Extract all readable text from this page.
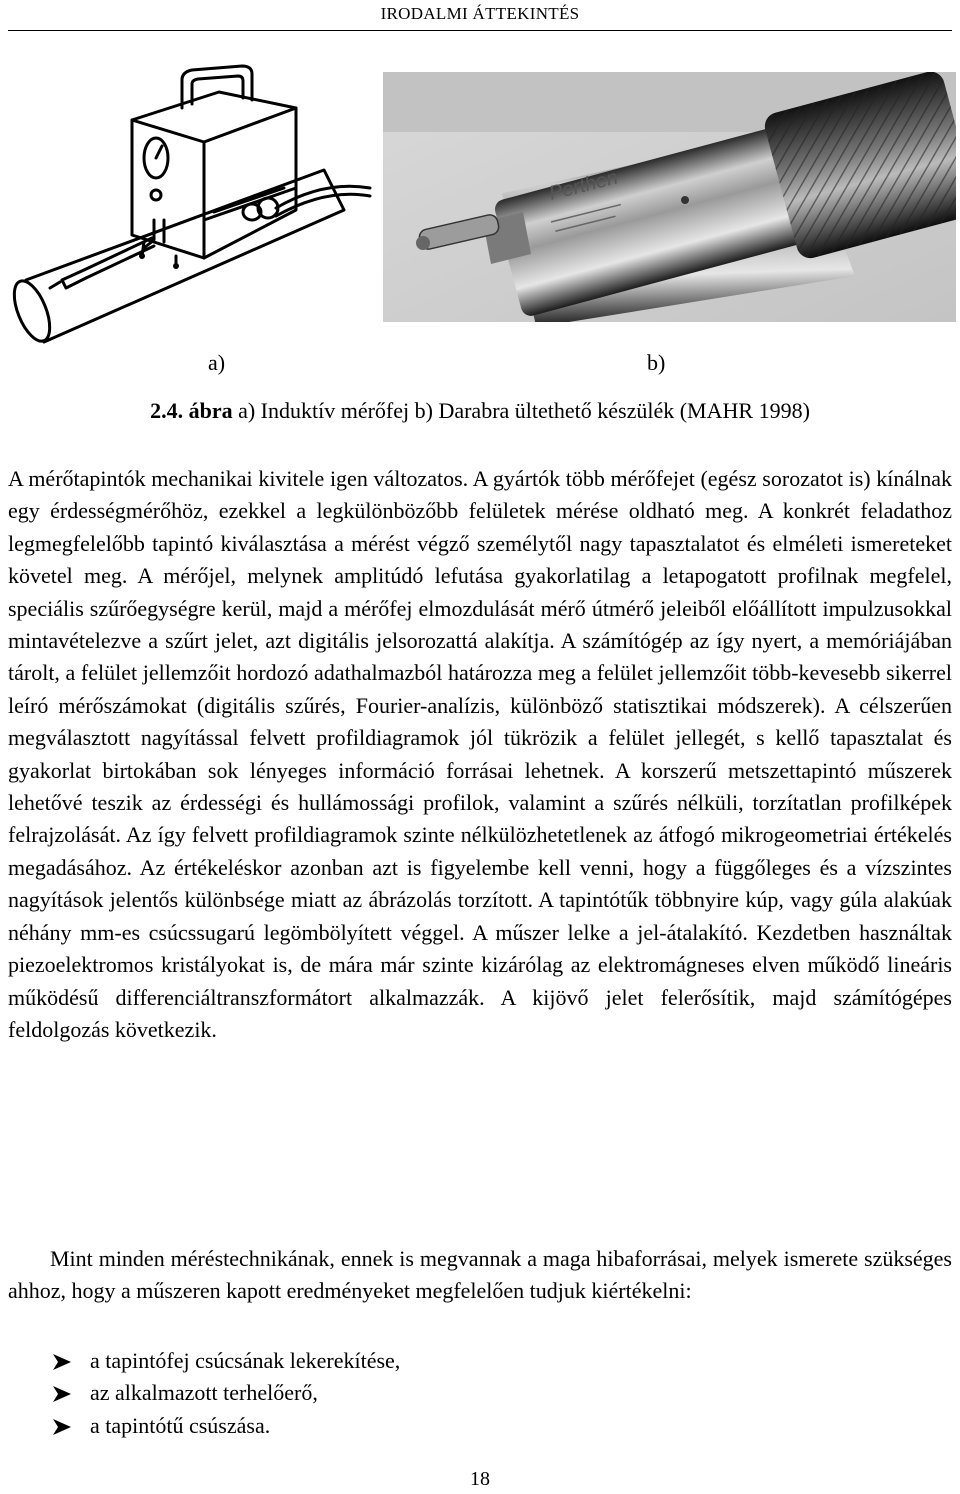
IRODALMI ÁTTEKINTÉS
Perthen
a)	b)
2.4. ábra a) Induktív mérőfej b) Darabra ültethető készülék (MAHR 1998)

A mérőtapintók mechanikai kivitele igen változatos. A gyártók több mérőfejet (egész sorozatot is) kínálnak egy érdességmérőhöz, ezekkel a legkülönbözőbb felületek mérése oldható meg. A konkrét feladathoz legmegfelelőbb tapintó kiválasztása a mérést végző személytől nagy tapasztalatot és elméleti ismereteket követel meg. A mérőjel, melynek amplitúdó lefutása gyakorlatilag a letapogatott profilnak megfelel, speciális szűrőegységre kerül, majd a mérőfej elmozdulását mérő útmérő jeleiből előállított impulzusokkal mintavételezve a szűrt jelet, azt digitális jelsorozattá alakítja. A számítógép az így nyert, a memóriájában tárolt, a felület jellemzőit hordozó adathalmazból határozza meg a felület jellemzőit több-kevesebb sikerrel leíró mérőszámokat (digitális szűrés, Fourier-analízis, különböző statisztikai módszerek). A célszerűen megválasztott nagyítással felvett profildiagramok jól tükrözik a felület jellegét, s kellő tapasztalat és gyakorlat birtokában sok lényeges információ forrásai lehetnek. A korszerű metszettapintó műszerek lehetővé teszik az érdességi és hullámossági profilok, valamint a szűrés nélküli, torzítatlan profilképek felrajzolását. Az így felvett profildiagramok szinte nélkülözhetetlenek az átfogó mikrogeometriai értékelés megadásához. Az értékeléskor azonban azt is figyelembe kell venni, hogy a függőleges és a vízszintes nagyítások jelentős különbsége miatt az ábrázolás torzított. A tapintótűk többnyire kúp, vagy gúla alakúak néhány mm-es csúcssugarú legömbölyített véggel. A műszer lelke a jel-átalakító. Kezdetben használtak piezoelektromos kristályokat is, de mára már szinte kizárólag az elektromágneses elven működő lineáris működésű differenciáltranszformátort alkalmazzák. A kijövő jelet felerősítik, majd számítógépes feldolgozás következik.

Mint minden méréstechnikának, ennek is megvannak a maga hibaforrásai, melyek ismerete szükséges ahhoz, hogy a műszeren kapott eredményeket megfelelően tudjuk kiértékelni:

a tapintófej csúcsának lekerekítése,
az alkalmazott terhelőerő,
a tapintótű csúszása.
18
